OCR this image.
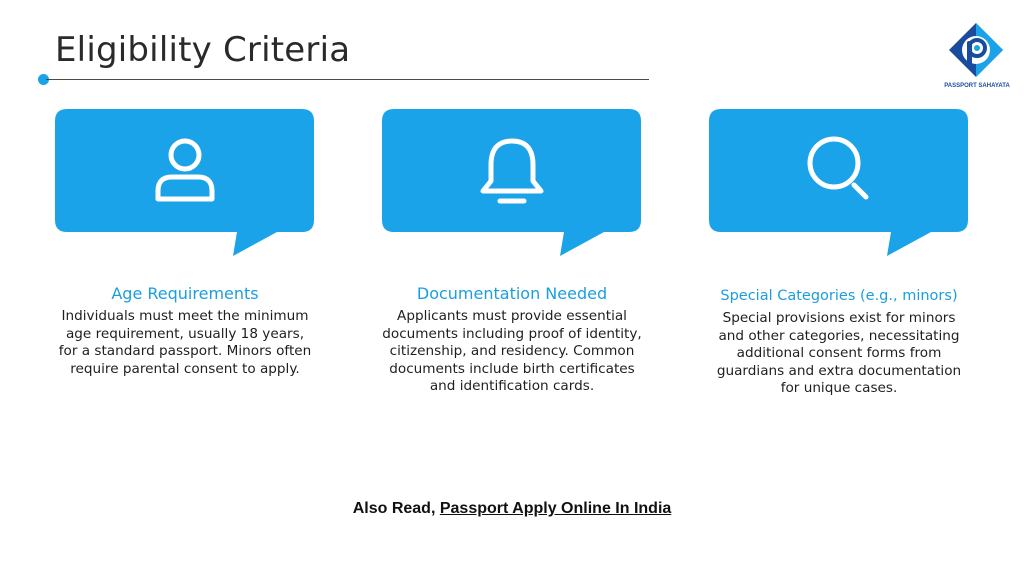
Eligibility Criteria
PASSPORT SAHAYATA
Age Requirements

Individuals must meet the minimum age requirement, usually 18 years, for a standard passport. Minors often require parental consent to apply.

Documentation Needed

Applicants must provide essential documents including proof of identity, citizenship, and residency. Common documents include birth certificates and identification cards.

Special Categories (e.g., minors)

Special provisions exist for minors and other categories, necessitating additional consent forms from guardians and extra documentation for unique cases.

Also Read, Passport Apply Online In India
